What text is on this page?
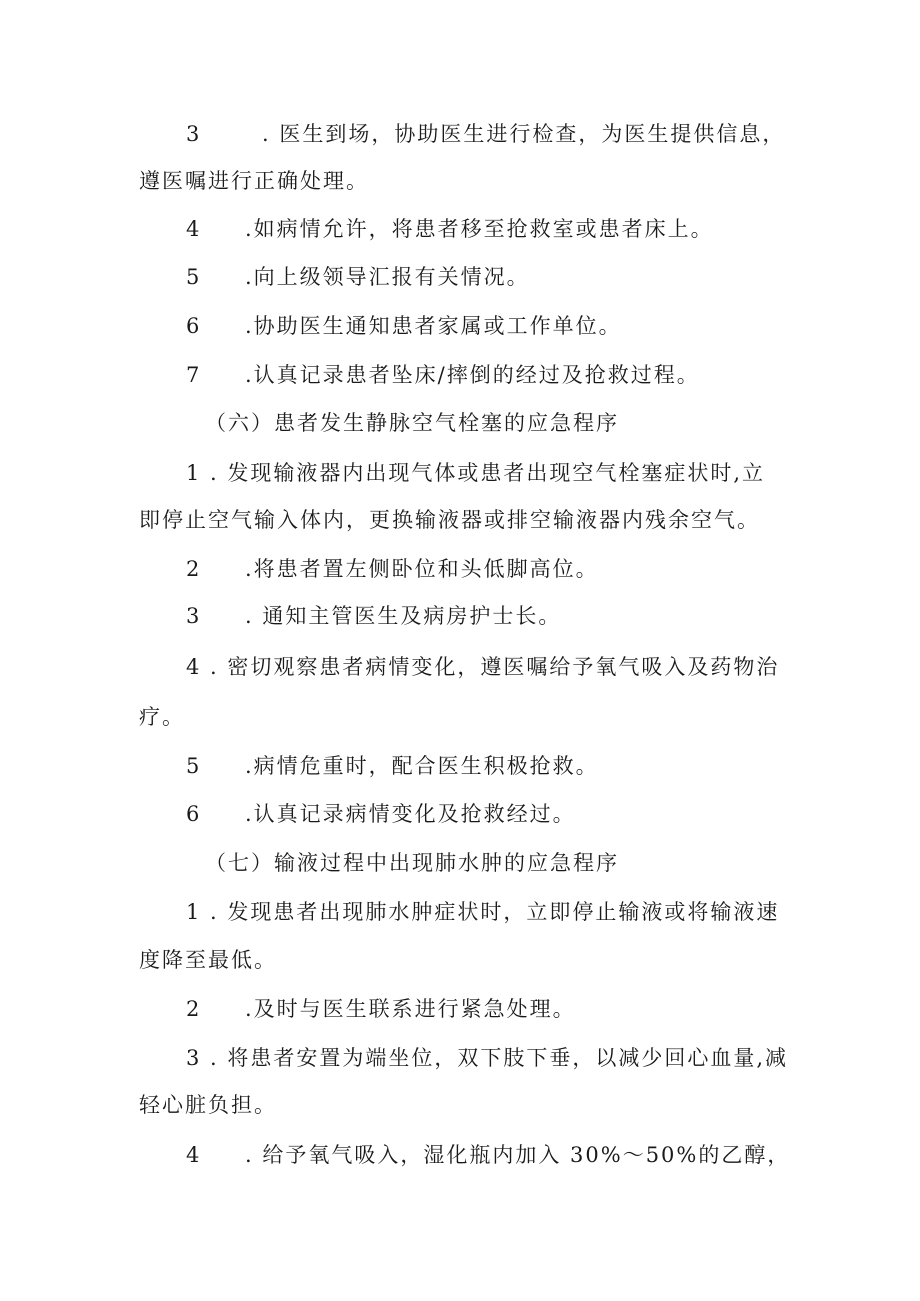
3	. 医生到场，协助医生进行检查，为医生提供信息，
遵医嘱进行正确处理。
4 .如病情允许，将患者移至抢救室或患者床上。
5 .向上级领导汇报有关情况。
6 .协助医生通知患者家属或工作单位。
7 .认真记录患者坠床/摔倒的经过及抢救过程。
（六）患者发生静脉空气栓塞的应急程序
1 . 发现输液器内出现气体或患者出现空气栓塞症状时,立
即停止空气输入体内，更换输液器或排空输液器内残余空气。
2 .将患者置左侧卧位和头低脚高位。
3 . 通知主管医生及病房护士长。
4 . 密切观察患者病情变化，遵医嘱给予氧气吸入及药物治
疗。
5 .病情危重时，配合医生积极抢救。
6 .认真记录病情变化及抢救经过。
（七）输液过程中出现肺水肿的应急程序
1 . 发现患者出现肺水肿症状时，立即停止输液或将输液速
度降至最低。
2 .及时与医生联系进行紧急处理。
3 . 将患者安置为端坐位，双下肢下垂，以减少回心血量,减
轻心脏负担。
4 . 给予氧气吸入，湿化瓶内加入 30%～50%的乙醇，
